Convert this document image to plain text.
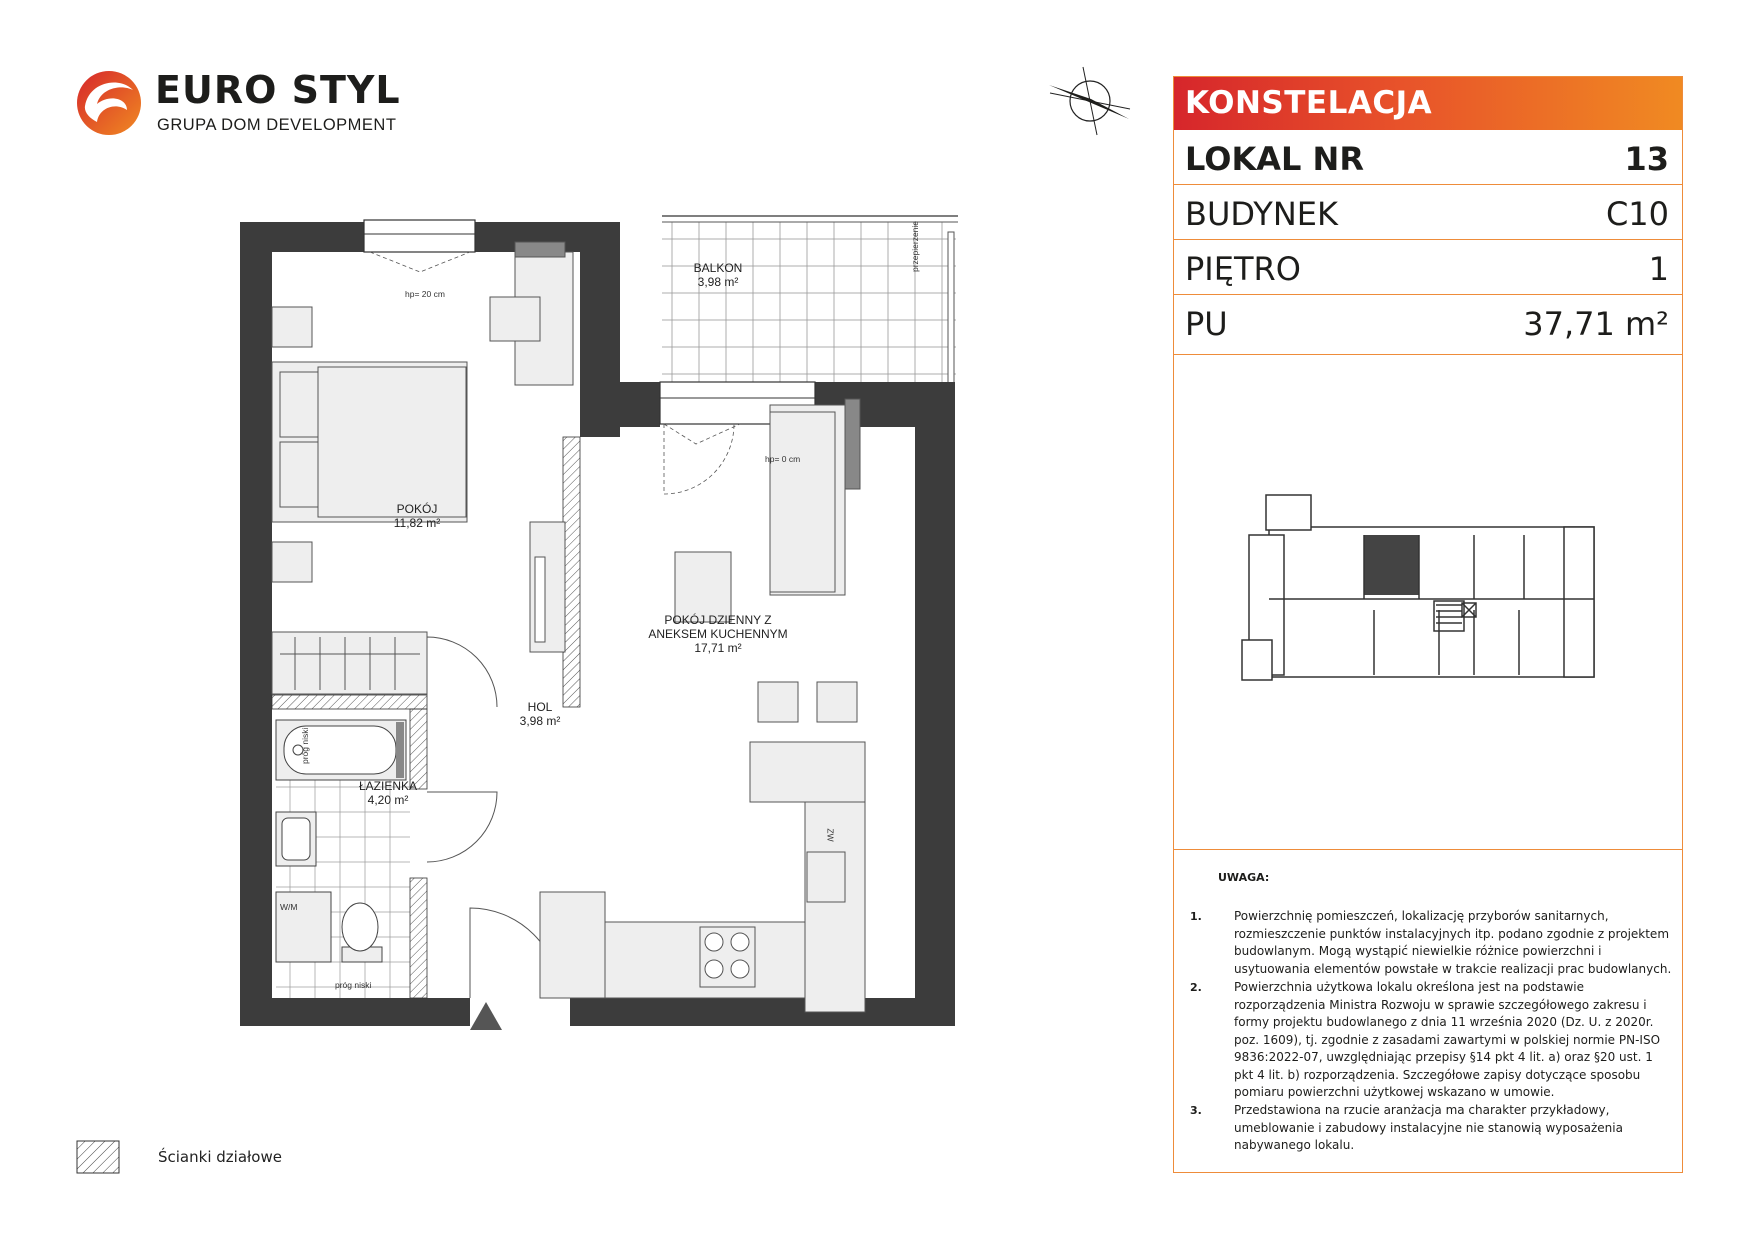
EURO STYL
GRUPA DOM DEVELOPMENT
BALKON
3,98 m²
POKÓJ
11,82 m²
POKÓJ DZIENNY Z
ANEKSEM KUCHENNYM
17,71 m²
HOL
3,98 m²
ŁAZIENKA
4,20 m²
hp= 20 cm
hp= 0 cm
przepierzenie
próg niski
próg niski
ZW
W/M
KONSTELACJA
LOKAL NR	13
BUDYNEK	C10
PIĘTRO	1
PU	37,71 m²
UWAGA:
1.	Powierzchnię pomieszczeń, lokalizację przyborów sanitarnych, rozmieszczenie punktów instalacyjnych itp. podano zgodnie z projektem budowlanym. Mogą wystąpić niewielkie różnice powierzchni i usytuowania elementów powstałe w trakcie realizacji prac budowlanych.
2.	Powierzchnia użytkowa lokalu określona jest na podstawie rozporządzenia Ministra Rozwoju w sprawie szczegółowego zakresu i formy projektu budowlanego z dnia 11 września 2020 (Dz. U. z 2020r. poz. 1609), tj. zgodnie z zasadami zawartymi w polskiej normie PN-ISO 9836:2022-07, uwzględniając przepisy §14 pkt 4 lit. a) oraz §20 ust. 1 pkt 4 lit. b) rozporządzenia. Szczegółowe zapisy dotyczące sposobu pomiaru powierzchni użytkowej wskazano w umowie.
3.	Przedstawiona na rzucie aranżacja ma charakter przykładowy, umeblowanie i zabudowy instalacyjne nie stanowią wyposażenia nabywanego lokalu.
Ścianki działowe
